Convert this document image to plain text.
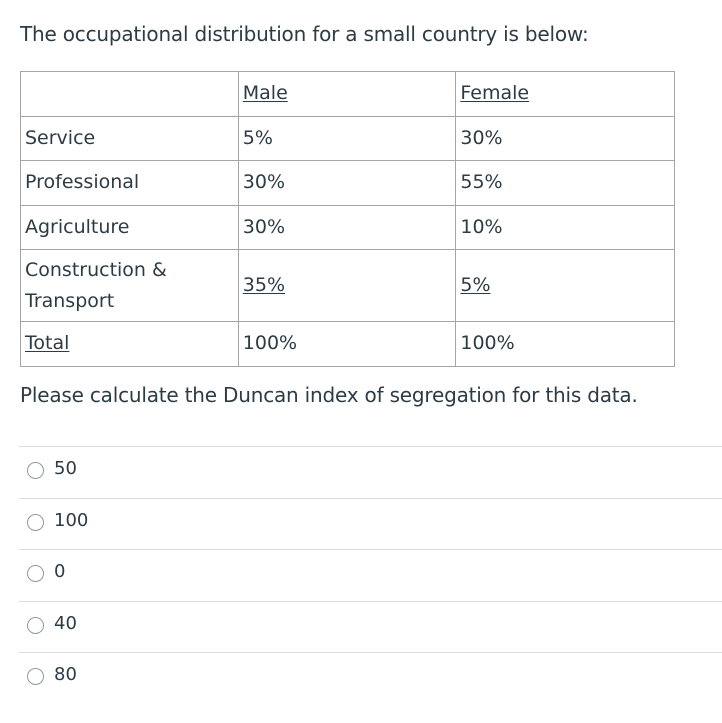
The occupational distribution for a small country is below:
	Male	Female
Service	5%	30%
Professional	30%	55%
Agriculture	30%	10%
Construction & Transport	35%	5%
Total	100%	100%

Please calculate the Duncan index of segregation for this data.

50
100
0
40
80
